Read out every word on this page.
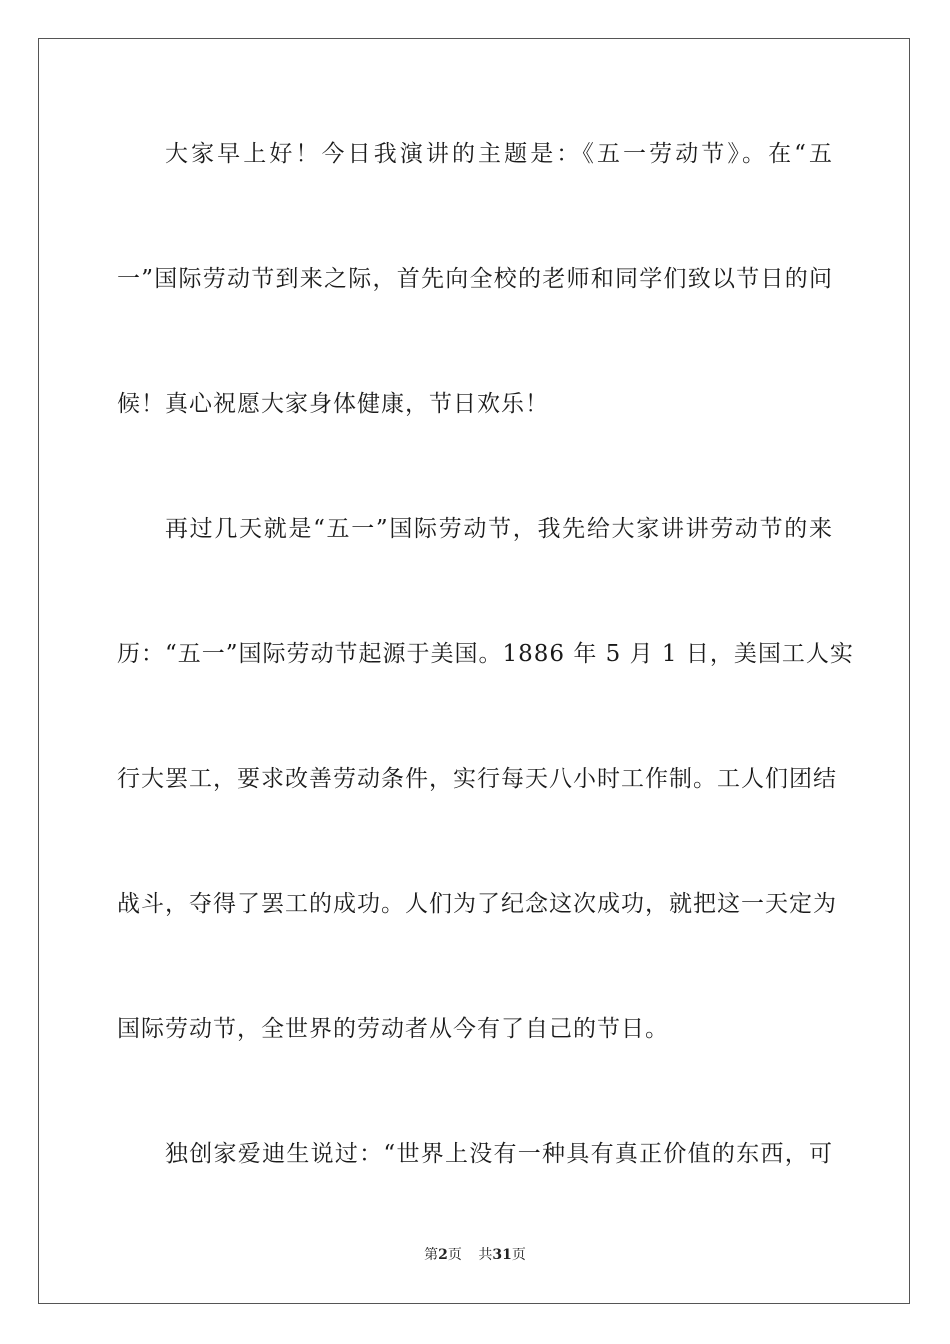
大家早上好！今日我演讲的主题是：《五一劳动节》。在“五
一”国际劳动节到来之际，首先向全校的老师和同学们致以节日的问
候！真心祝愿大家身体健康，节日欢乐！
再过几天就是“五一”国际劳动节，我先给大家讲讲劳动节的来
历：“五一”国际劳动节起源于美国。1886 年 5 月 1 日，美国工人实
行大罢工，要求改善劳动条件，实行每天八小时工作制。工人们团结
战斗，夺得了罢工的成功。人们为了纪念这次成功，就把这一天定为
国际劳动节，全世界的劳动者从今有了自己的节日。
独创家爱迪生说过：“世界上没有一种具有真正价值的东西，可
第2页 共31页
